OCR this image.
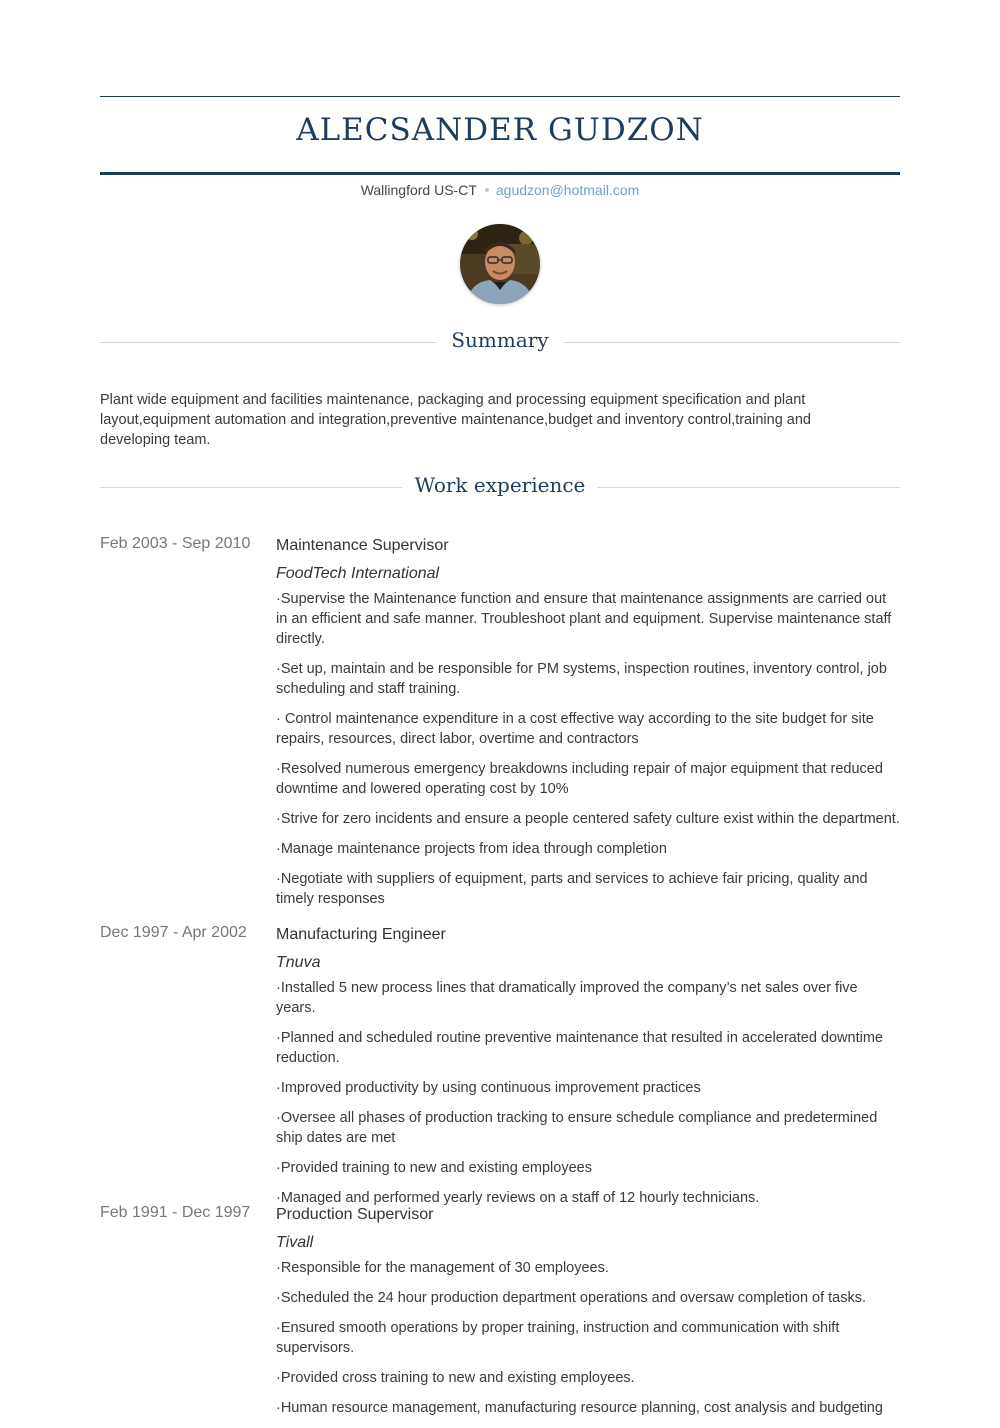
ALECSANDER GUDZON
Wallingford US-CT agudzon@hotmail.com
Summary
Plant wide equipment and facilities maintenance, packaging and processing equipment specification and plant layout,equipment automation and integration,preventive maintenance,budget and inventory control,training and developing team.
Work experience
Feb 2003 - Sep 2010 Maintenance Supervisor
FoodTech International
·Supervise the Maintenance function and ensure that maintenance assignments are carried out in an efficient and safe manner. Troubleshoot plant and equipment. Supervise maintenance staff directly.
·Set up, maintain and be responsible for PM systems, inspection routines, inventory control, job scheduling and staff training.
· Control maintenance expenditure in a cost effective way according to the site budget for site repairs, resources, direct labor, overtime and contractors
·Resolved numerous emergency breakdowns including repair of major equipment that reduced downtime and lowered operating cost by 10%
·Strive for zero incidents and ensure a people centered safety culture exist within the department.
·Manage maintenance projects from idea through completion
·Negotiate with suppliers of equipment, parts and services to achieve fair pricing, quality and timely responses
Dec 1997 - Apr 2002 Manufacturing Engineer
Tnuva
·Installed 5 new process lines that dramatically improved the company’s net sales over five years.
·Planned and scheduled routine preventive maintenance that resulted in accelerated downtime reduction.
·Improved productivity by using continuous improvement practices
·Oversee all phases of production tracking to ensure schedule compliance and predetermined ship dates are met
·Provided training to new and existing employees
·Managed and performed yearly reviews on a staff of 12 hourly technicians.
Feb 1991 - Dec 1997 Production Supervisor
Tivall
·Responsible for the management of 30 employees.
·Scheduled the 24 hour production department operations and oversaw completion of tasks.
·Ensured smooth operations by proper training, instruction and communication with shift supervisors.
·Provided cross training to new and existing employees.
·Human resource management, manufacturing resource planning, cost analysis and budgeting
